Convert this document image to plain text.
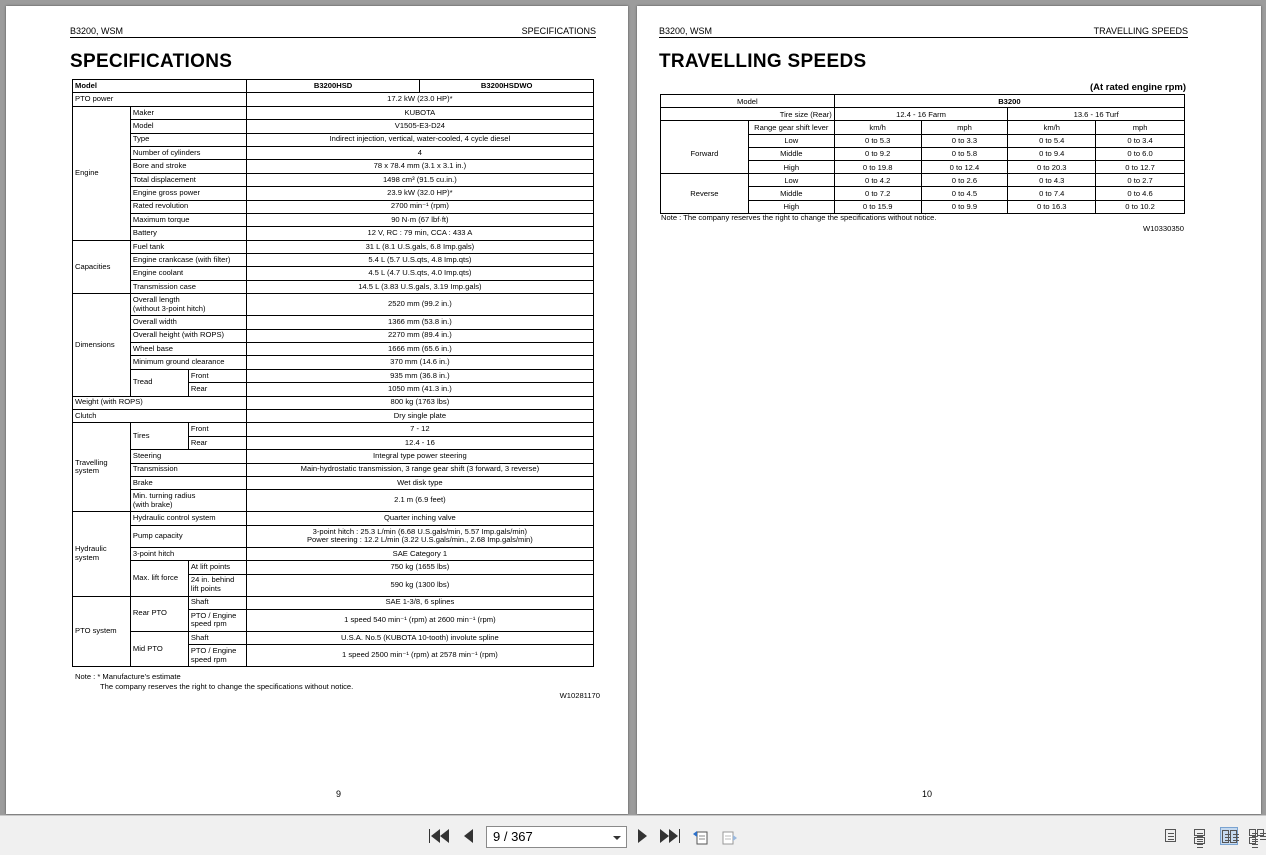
B3200, WSM	SPECIFICATIONS
SPECIFICATIONS
Model			B3200HSD	B3200HSDWO
PTO power			17.2 kW (23.0 HP)*	
Engine	Maker		KUBOTA	
	Model		V1505-E3-D24	
	Type		Indirect injection, vertical, water-cooled, 4 cycle diesel	
	Number of cylinders		4	
	Bore and stroke		78 x 78.4 mm (3.1 x 3.1 in.)	
	Total displacement		1498 cm³ (91.5 cu.in.)	
	Engine gross power		23.9 kW (32.0 HP)*	
	Rated revolution		2700 min⁻¹ (rpm)	
	Maximum torque		90 N·m (67 lbf·ft)	
	Battery		12 V, RC : 79 min, CCA : 433 A	
Capacities	Fuel tank		31 L (8.1 U.S.gals, 6.8 Imp.gals)	
	Engine crankcase (with filter)		5.4 L (5.7 U.S.qts, 4.8 Imp.qts)	
	Engine coolant		4.5 L (4.7 U.S.qts, 4.0 Imp.qts)	
	Transmission case		14.5 L (3.83 U.S.gals, 3.19 Imp.gals)	
Dimensions	Overall length
(without 3-point hitch)		2520 mm (99.2 in.)	
	Overall width		1366 mm (53.8 in.)	
	Overall height (with ROPS)		2270 mm (89.4 in.)	
	Wheel base		1666 mm (65.6 in.)	
	Minimum ground clearance		370 mm (14.6 in.)	
	Tread	Front	935 mm (36.8 in.)	
		Rear	1050 mm (41.3 in.)	
Weight (with ROPS)			800 kg (1763 lbs)	
Clutch			Dry single plate	
Travelling
system	Tires	Front	7 - 12	
		Rear	12.4 - 16	
	Steering		Integral type power steering	
	Transmission		Main-hydrostatic transmission, 3 range gear shift (3 forward, 3 reverse)	
	Brake		Wet disk type	
	Min. turning radius
(with brake)		2.1 m (6.9 feet)	
Hydraulic
system	Hydraulic control system		Quarter inching valve	
	Pump capacity		3-point hitch : 25.3 L/min (6.68 U.S.gals/min, 5.57 Imp.gals/min)
Power steering : 12.2 L/min (3.22 U.S.gals/min., 2.68 Imp.gals/min)	
	3-point hitch		SAE Category 1	
	Max. lift force	At lift points	750 kg (1655 lbs)	
		24 in. behind
lift points	590 kg (1300 lbs)	
PTO system	Rear PTO	Shaft	SAE 1-3/8, 6 splines	
		PTO / Engine
speed rpm	1 speed 540 min⁻¹ (rpm) at 2600 min⁻¹ (rpm)	
	Mid PTO	Shaft	U.S.A. No.5 (KUBOTA 10-tooth) involute spline	
		PTO / Engine
speed rpm	1 speed 2500 min⁻¹ (rpm) at 2578 min⁻¹ (rpm)	
Note : * Manufacture's estimate
The company reserves the right to change the specifications without notice.
W10281170
9
B3200, WSM	TRAVELLING SPEEDS
TRAVELLING SPEEDS
(At rated engine rpm)
Model		B3200			
Tire size (Rear)		12.4 - 16 Farm		13.6 - 16 Turf	
	Range gear shift lever	km/h	mph	km/h	mph
Forward	Low	0 to 5.3	0 to 3.3	0 to 5.4	0 to 3.4
	Middle	0 to 9.2	0 to 5.8	0 to 9.4	0 to 6.0
	High	0 to 19.8	0 to 12.4	0 to 20.3	0 to 12.7
Reverse	Low	0 to 4.2	0 to 2.6	0 to 4.3	0 to 2.7
	Middle	0 to 7.2	0 to 4.5	0 to 7.4	0 to 4.6
	High	0 to 15.9	0 to 9.9	0 to 16.3	0 to 10.2
Note : The company reserves the right to change the specifications without notice.
W10330350
10
9 / 367
